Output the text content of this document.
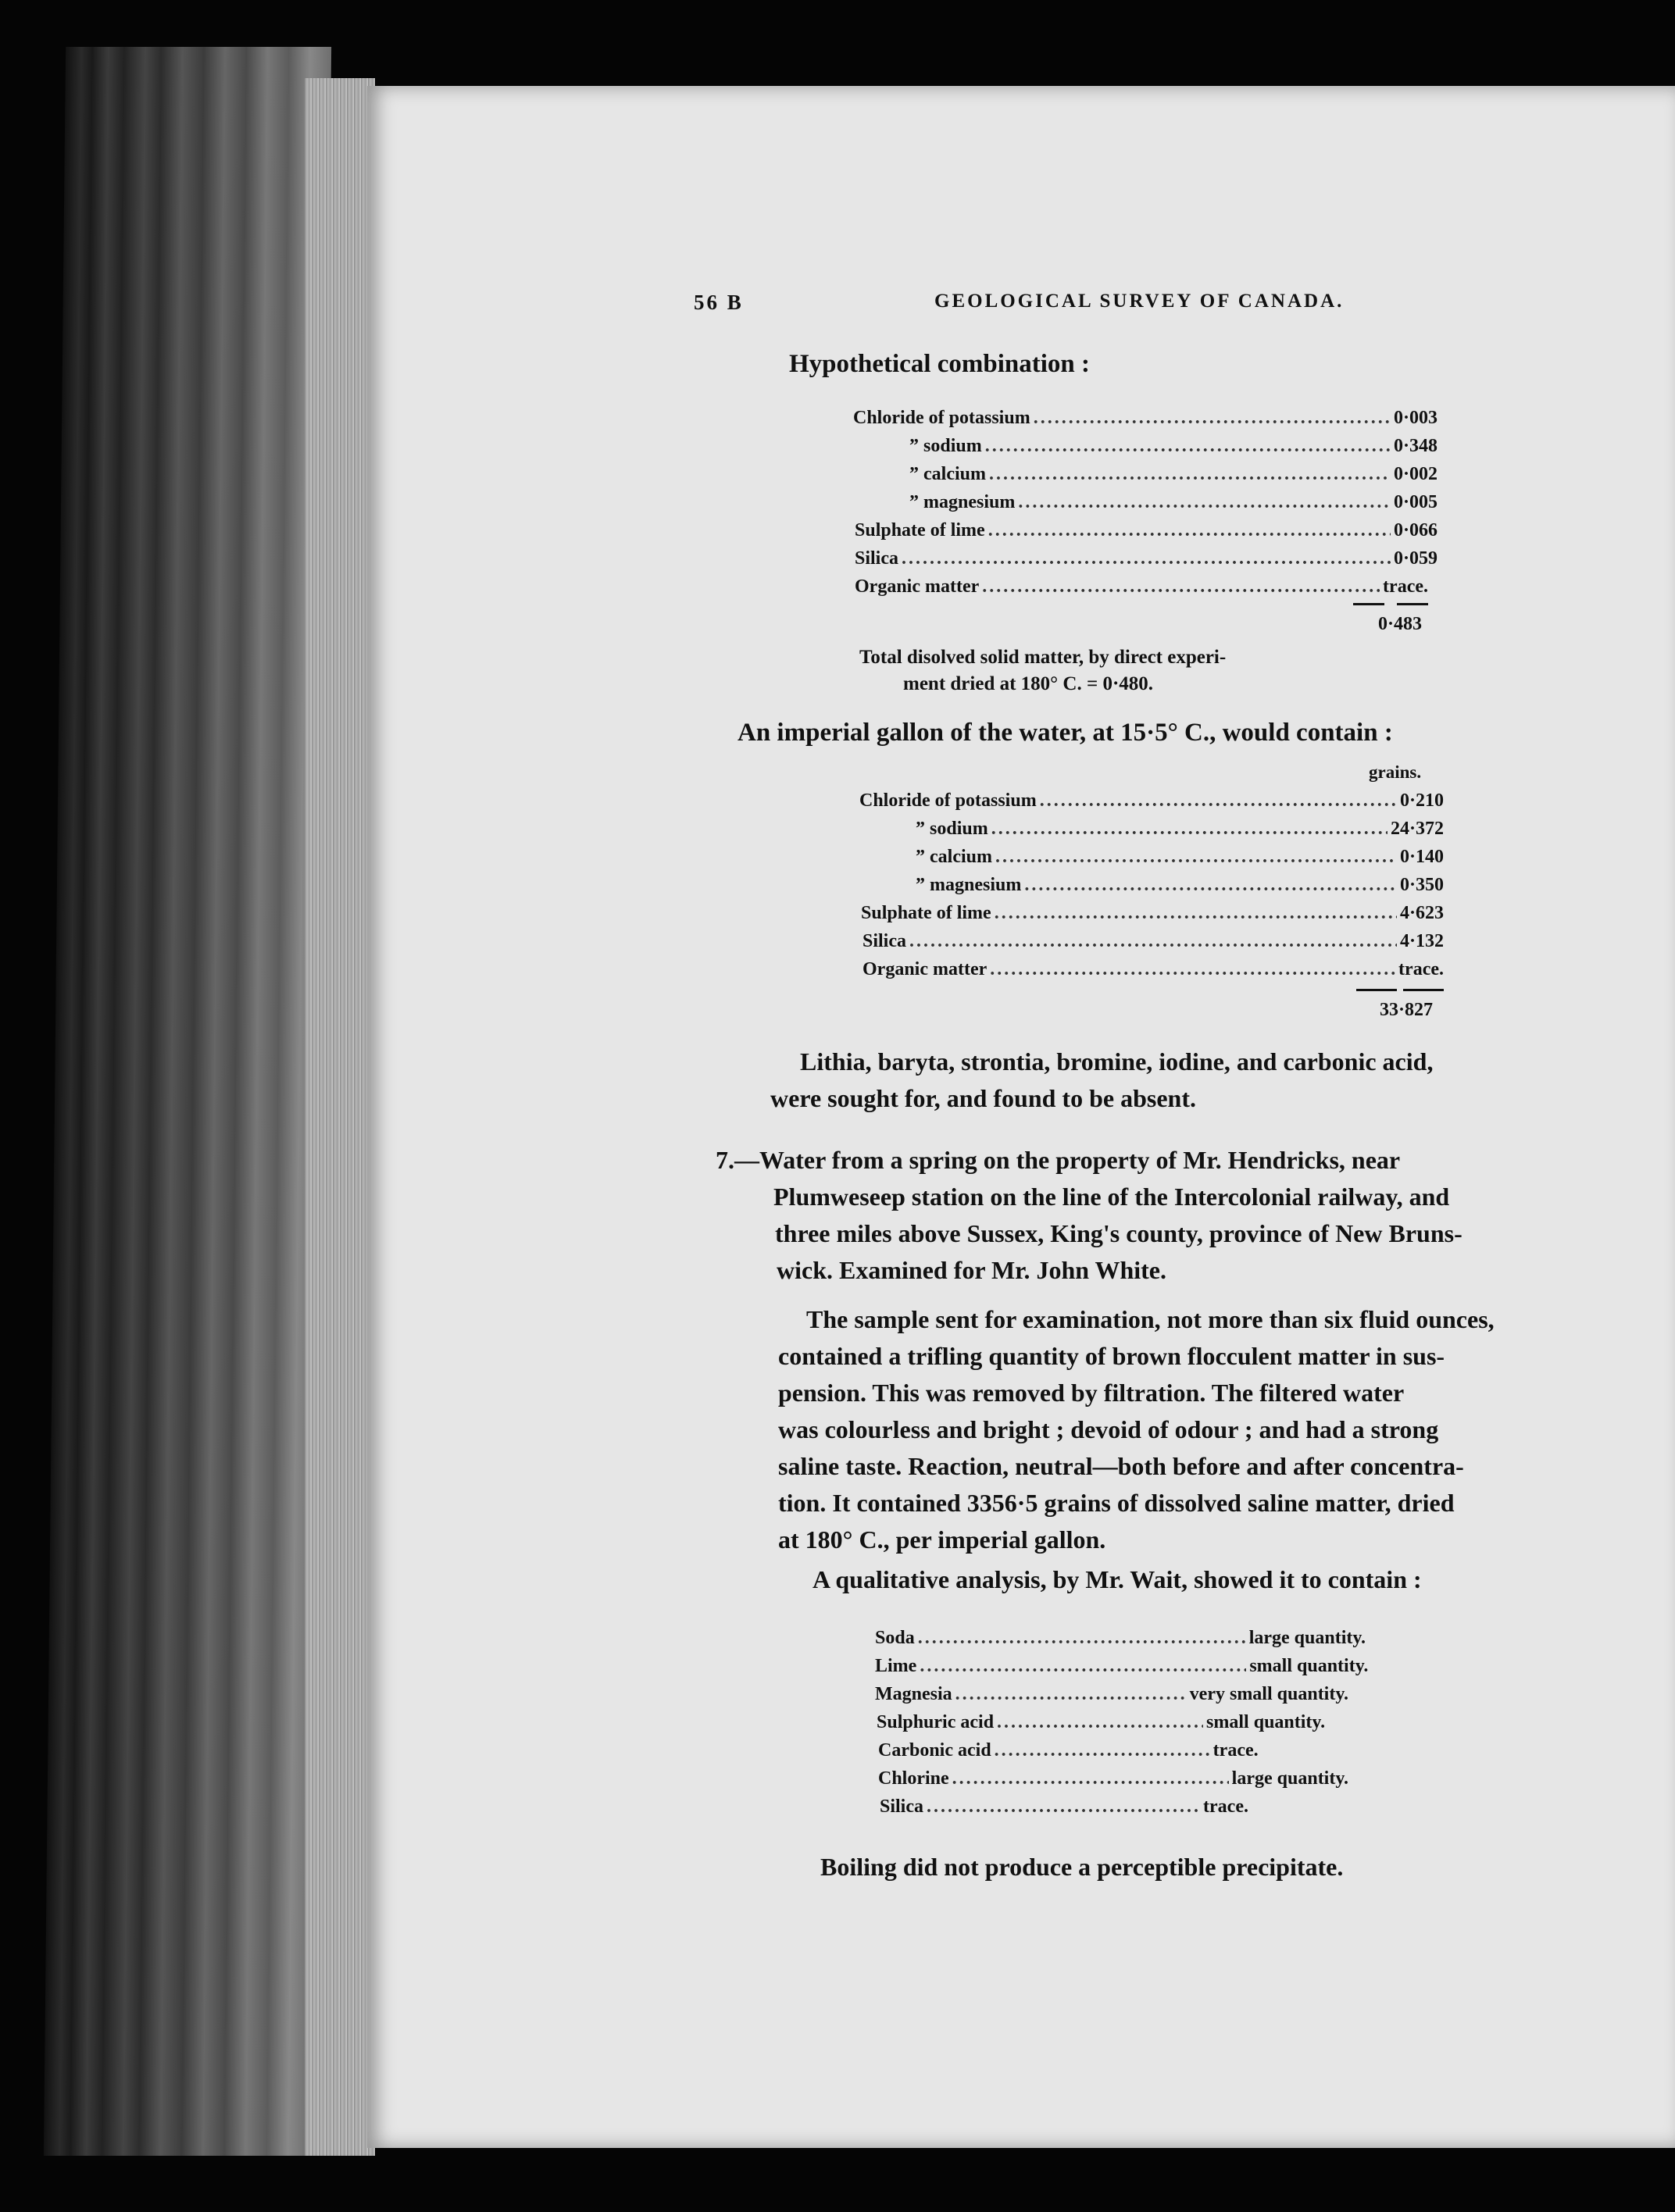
56 B	GEOLOGICAL SURVEY OF CANADA.
Hypothetical combination :
Chloride of potassium .....	0·003
” sodium .....	0·348
” calcium .....	0·002
” magnesium .....	0·005
Sulphate of lime .....	0·066
Silica .....	0·059
Organic matter .....	trace.
0·483
Total disolved solid matter, by direct experi-
ment dried at 180° C. = 0·480.
An imperial gallon of the water, at 15·5° C., would contain :
grains.
Chloride of potassium .....	0·210
” sodium .....	24·372
” calcium .....	0·140
” magnesium .....	0·350
Sulphate of lime .....	4·623
Silica .....	4·132
Organic matter .....	trace.
33·827
Lithia, baryta, strontia, bromine, iodine, and carbonic acid,
were sought for, and found to be absent.
7.—Water from a spring on the property of Mr. Hendricks, near
Plumweseep station on the line of the Intercolonial railway, and
three miles above Sussex, King's county, province of New Bruns-
wick. Examined for Mr. John White.
The sample sent for examination, not more than six fluid ounces,
contained a trifling quantity of brown flocculent matter in sus-
pension. This was removed by filtration. The filtered water
was colourless and bright ; devoid of odour ; and had a strong
saline taste. Reaction, neutral—both before and after concentra-
tion. It contained 3356·5 grains of dissolved saline matter, dried
at 180° C., per imperial gallon.
A qualitative analysis, by Mr. Wait, showed it to contain :
Soda .....	large quantity.
Lime .....	small quantity.
Magnesia .....	very small quantity.
Sulphuric acid .....	small quantity.
Carbonic acid .....	trace.
Chlorine .....	large quantity.
Silica .....	trace.
Boiling did not produce a perceptible precipitate.
